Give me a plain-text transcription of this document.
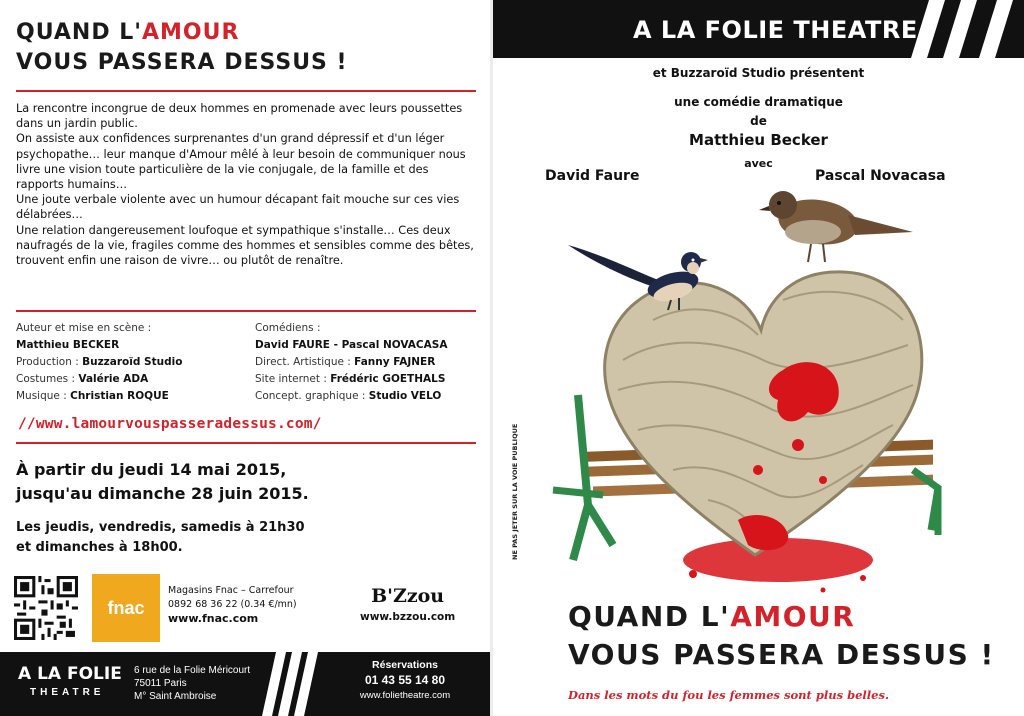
QUAND L'AMOUR
VOUS PASSERA DESSUS !

La rencontre incongrue de deux hommes en promenade avec leurs poussettes dans un jardin public.

On assiste aux confidences surprenantes d'un grand dépressif et d'un léger psychopathe… leur manque d'Amour mêlé à leur besoin de communiquer nous livre une vision toute particulière de la vie conjugale, de la famille et des rapports humains…

Une joute verbale violente avec un humour décapant fait mouche sur ces vies délabrées…

Une relation dangereusement loufoque et sympathique s'installe… Ces deux naufragés de la vie, fragiles comme des hommes et sensibles comme des bêtes, trouvent enfin une raison de vivre… ou plutôt de renaître.

Auteur et mise en scène :
Matthieu BECKER
Production : Buzzaroïd Studio
Costumes : Valérie ADA
Musique : Christian ROQUE
Comédiens :
David FAURE - Pascal NOVACASA
Direct. Artistique : Fanny FAJNER
Site internet : Frédéric GOETHALS
Concept. graphique : Studio VELO
//www.lamourvouspasseradessus.com/
À partir du jeudi 14 mai 2015,
jusqu'au dimanche 28 juin 2015.
Les jeudis, vendredis, samedis à 21h30
et dimanches à 18h00.
fnac
Magasins Fnac – Carrefour
0892 68 36 22 (0.34 €/mn)
www.fnac.com
B'Zzou
www.bzzou.com
A LA FOLIE
THEATRE
6 rue de la Folie Méricourt
75011 Paris
M° Saint Ambroise
Réservations
01 43 55 14 80
www.folietheatre.com
A LA FOLIE THEATRE
et Buzzaroïd Studio présentent
une comédie dramatique
de
Matthieu Becker
avec
David Faure	Pascal Novacasa
NE PAS JETER SUR LA VOIE PUBLIQUE
QUAND L'AMOUR
VOUS PASSERA DESSUS !
Dans les mots du fou les femmes sont plus belles.
